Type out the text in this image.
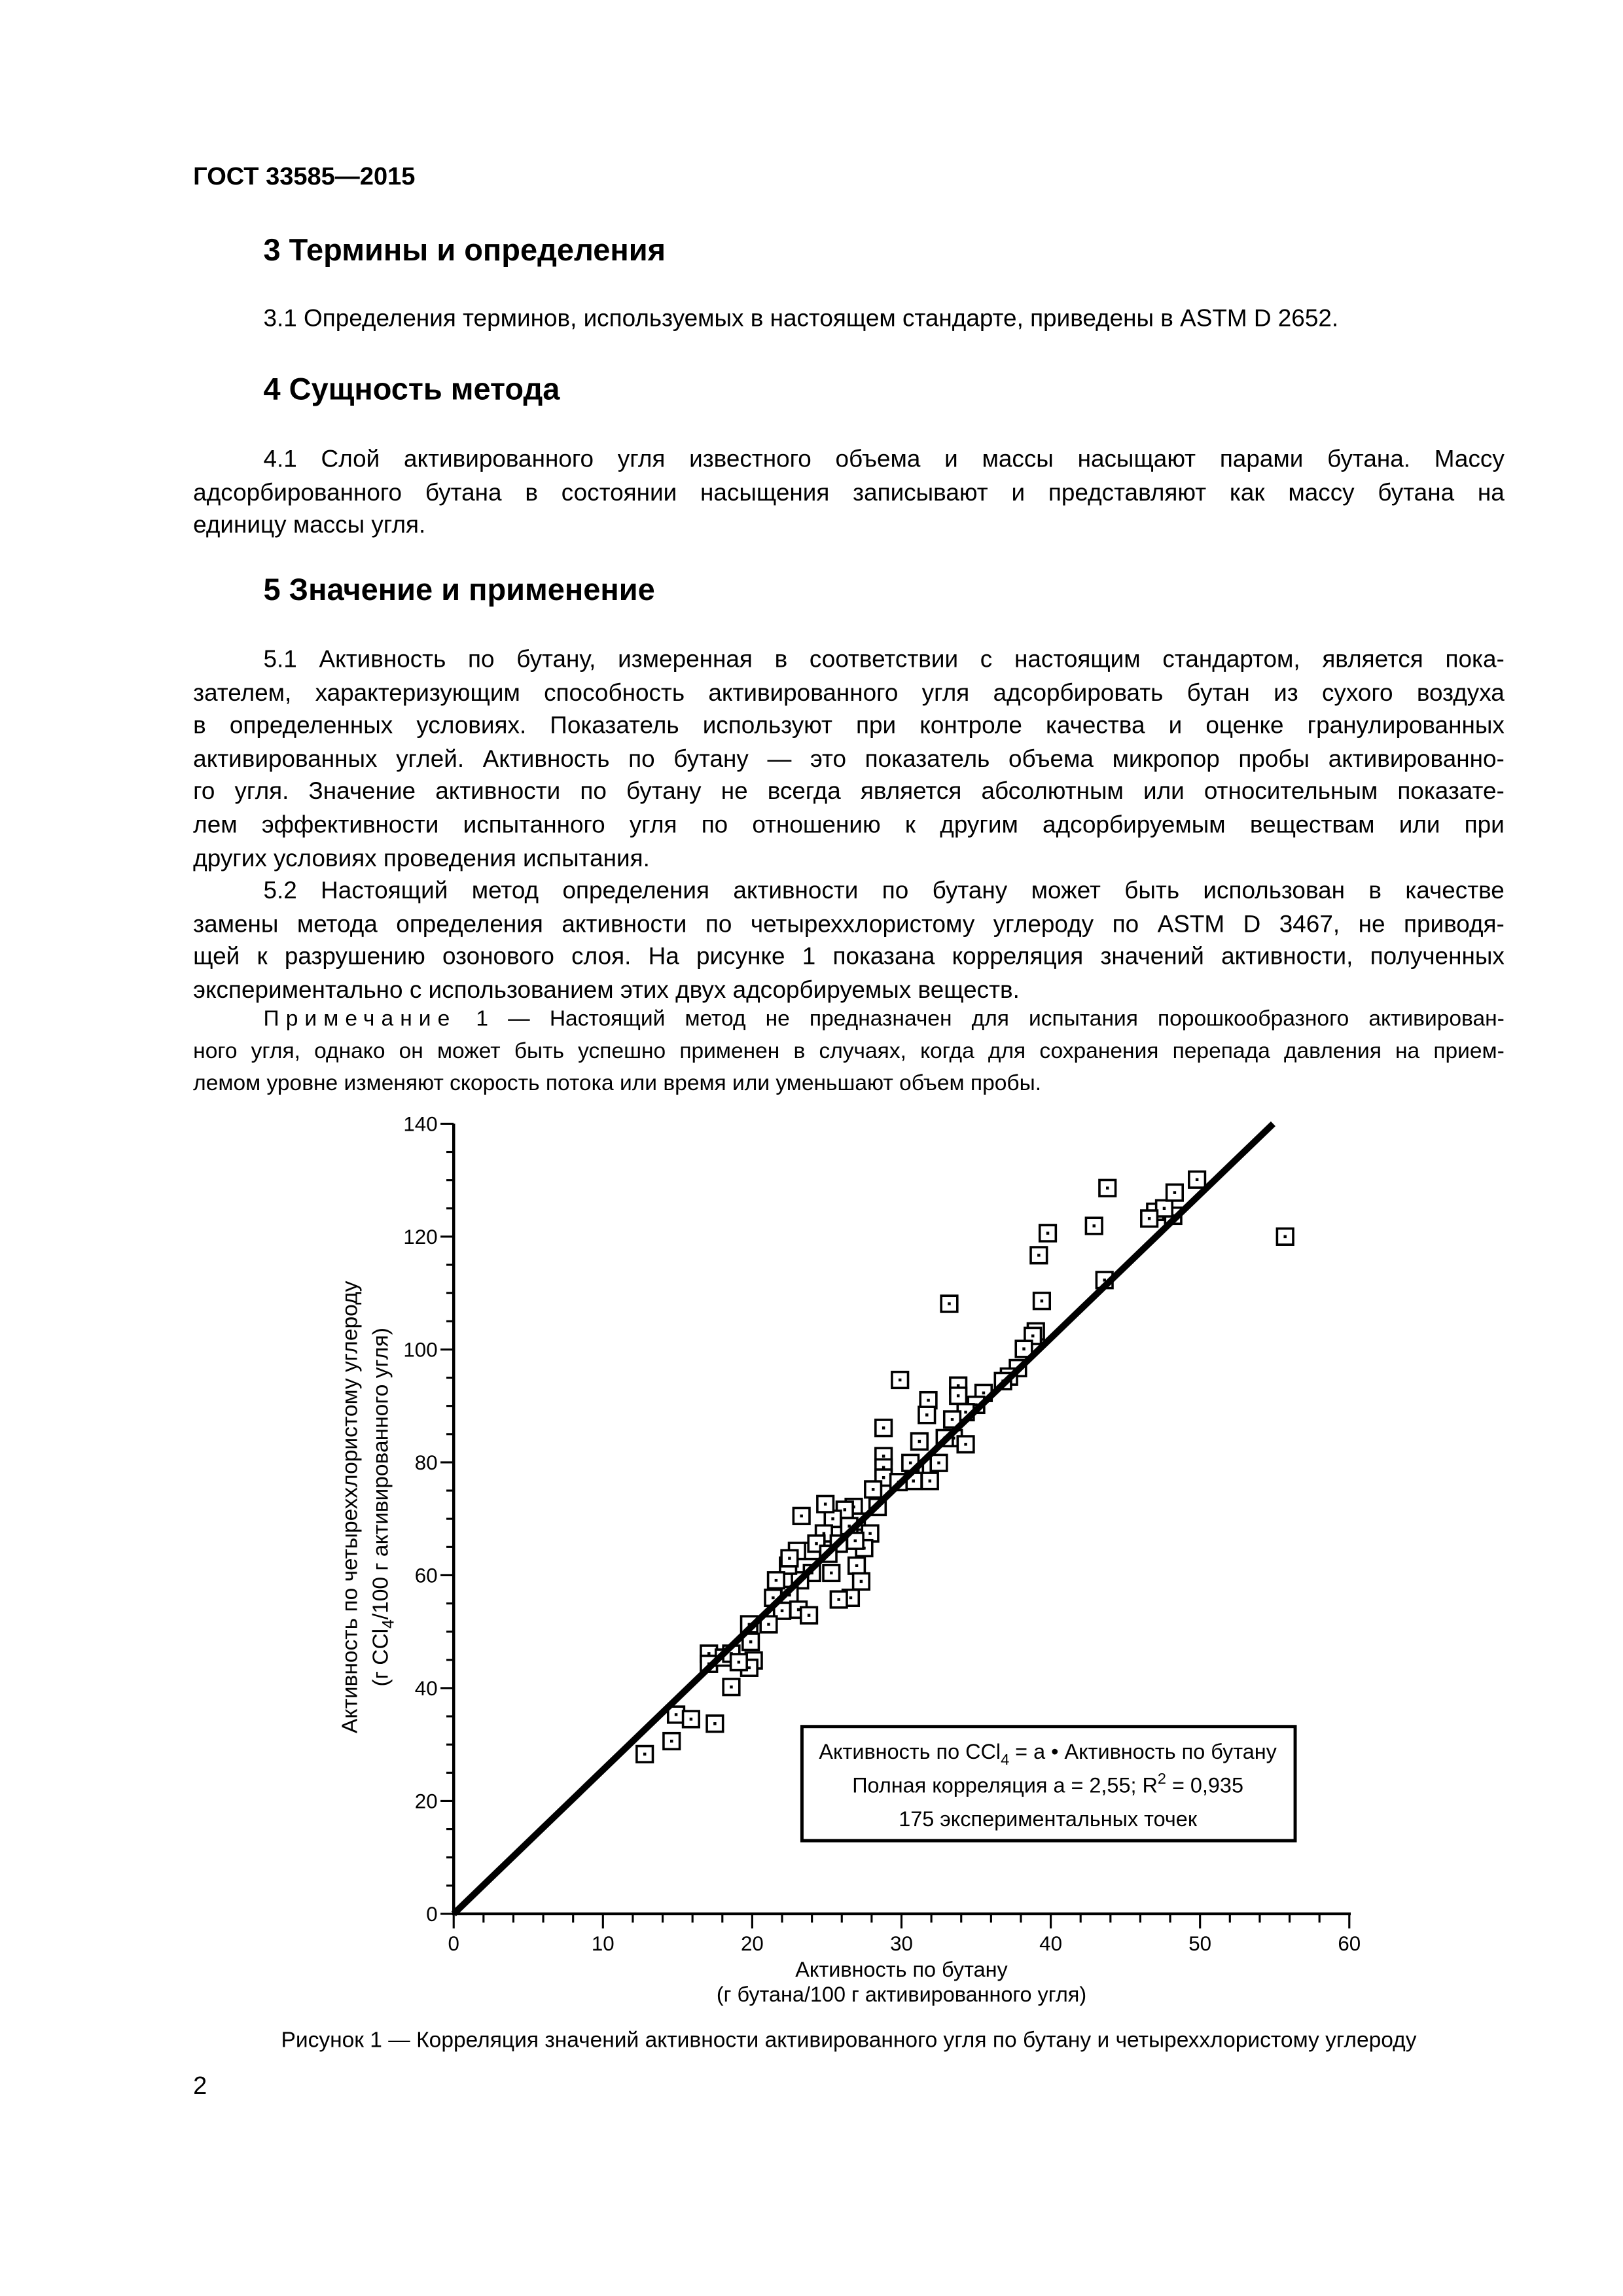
ГОСТ 33585—2015
3 Термины и определения
3.1 Определения терминов, используемых в настоящем стандарте, приведены в ASTM D 2652.
4 Сущность метода
4.1 Слой активированного угля известного объема и массы насыщают парами бутана. Массу
адсорбированного бутана в состоянии насыщения записывают и представляют как массу бутана на
единицу массы угля.
5 Значение и применение
5.1 Активность по бутану, измеренная в соответствии с настоящим стандартом, является пока-
зателем, характеризующим способность активированного угля адсорбировать бутан из сухого воздуха
в определенных условиях. Показатель используют при контроле качества и оценке гранулированных
активированных углей. Активность по бутану — это показатель объема микропор пробы активированно-
го угля. Значение активности по бутану не всегда является абсолютным или относительным показате-
лем эффективности испытанного угля по отношению к другим адсорбируемым веществам или при
других условиях проведения испытания.
5.2 Настоящий метод определения активности по бутану может быть использован в качестве
замены метода определения активности по четыреххлористому углероду по ASTM D 3467, не приводя-
щей к разрушению озонового слоя. На рисунке 1 показана корреляция значений активности, полученных
экспериментально с использованием этих двух адсорбируемых веществ.
Примечание 1 — Настоящий метод не предназначен для испытания порошкообразного активирован-
ного угля, однако он может быть успешно применен в случаях, когда для сохранения перепада давления на прием-
лемом уровне изменяют скорость потока или время или уменьшают объем пробы.
Активность по четыреххлористому углероду (г CCl$_4$/100 г активированного угля)
0	10	20	30	40	50	60
0
20
40
60
80
100
120
140
Активность по CCl$_4$ = a • Активность по бутану
Полная корреляция a = 2,55; $R^2 = 0,935$
175 экспериментальных точек
Активность по бутану
(г бутана/100 г активированного угля)
Рисунок 1 — Корреляция значений активности активированного угля по бутану и четыреххлористому углероду
2
